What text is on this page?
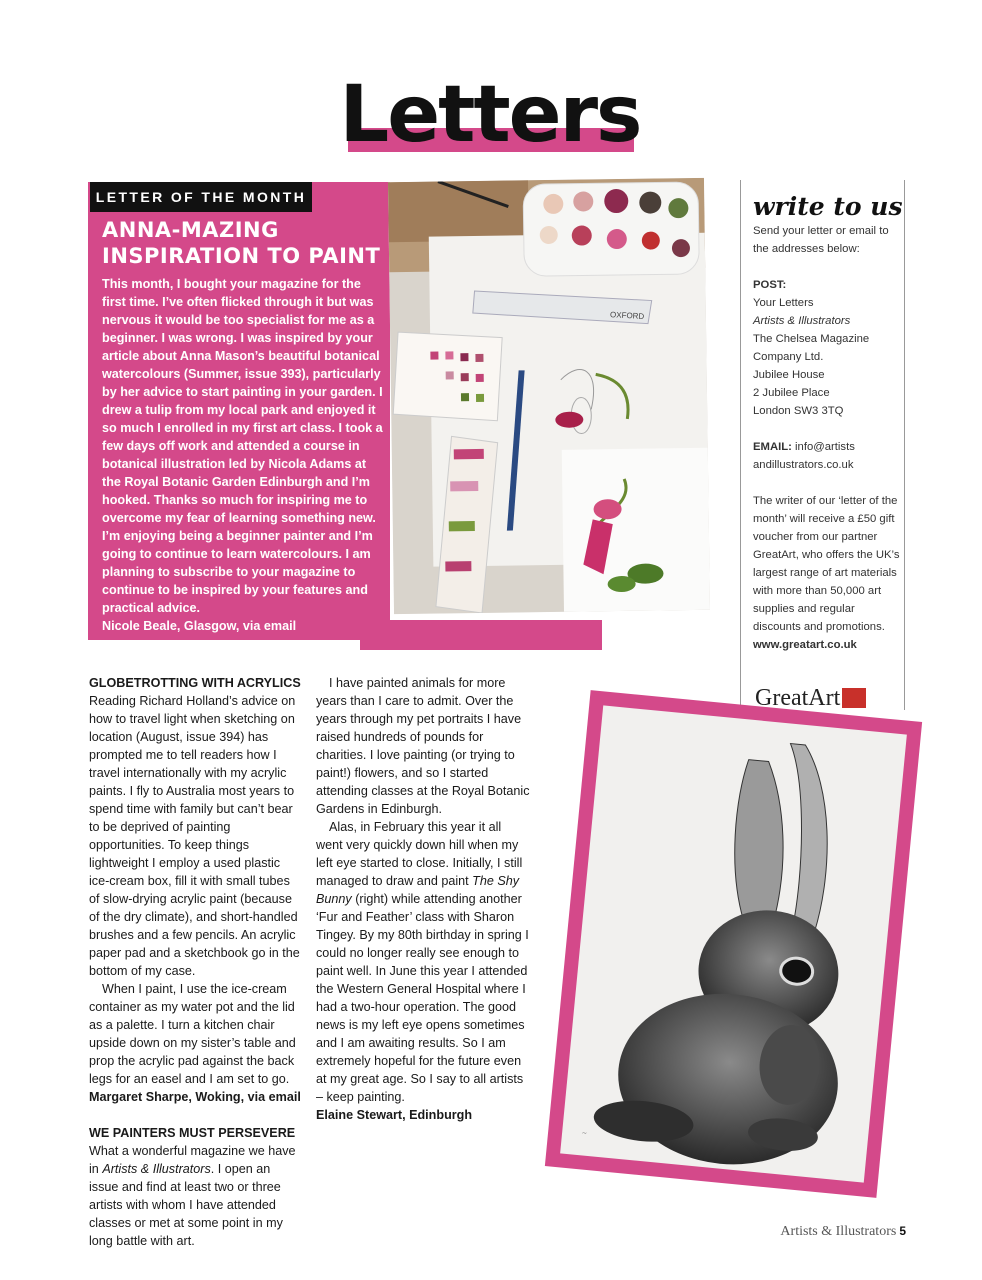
Letters
LETTER OF THE MONTH
ANNA-MAZING
INSPIRATION TO PAINT
This month, I bought your magazine for the first time. I’ve often flicked through it but was nervous it would be too specialist for me as a beginner. I was wrong. I was inspired by your article about Anna Mason’s beautiful botanical watercolours (Summer, issue 393), particularly by her advice to start painting in your garden. I drew a tulip from my local park and enjoyed it so much I enrolled in my first art class. I took a few days off work and attended a course in botanical illustration led by Nicola Adams at the Royal Botanic Garden Edinburgh and I’m hooked. Thanks so much for inspiring me to overcome my fear of learning something new. I’m enjoying being a beginner painter and I’m going to continue to learn watercolours. I am planning to subscribe to your magazine to continue to be inspired by your features and practical advice.
Nicole Beale, Glasgow, via email
OXFORD
write to us

Send your letter or email to the addresses below:

POST:

Your Letters

Artists & Illustrators

The Chelsea Magazine

Company Ltd.

Jubilee House

2 Jubilee Place

London SW3 3TQ

EMAIL: info@artists

andillustrators.co.uk

The writer of our ‘letter of the month’ will receive a £50 gift voucher from our partner GreatArt, who offers the UK’s largest range of art materials with more than 50,000 art supplies and regular discounts and promotions.

www.greatart.co.uk

GreatArt
GLOBETROTTING WITH ACRYLICS

Reading Richard Holland’s advice on how to travel light when sketching on location (August, issue 394) has prompted me to tell readers how I travel internationally with my acrylic paints. I fly to Australia most years to spend time with family but can’t bear to be deprived of painting opportunities. To keep things lightweight I employ a used plastic ice-cream box, fill it with small tubes of slow-drying acrylic paint (because of the dry climate), and short-handled brushes and a few pencils. An acrylic paper pad and a sketchbook go in the bottom of my case.

When I paint, I use the ice-cream container as my water pot and the lid as a palette. I turn a kitchen chair upside down on my sister’s table and prop the acrylic pad against the back legs for an easel and I am set to go.

Margaret Sharpe, Woking, via email

WE PAINTERS MUST PERSEVERE

What a wonderful magazine we have in Artists & Illustrators. I open an issue and find at least two or three artists with whom I have attended classes or met at some point in my long battle with art.

I have painted animals for more years than I care to admit. Over the years through my pet portraits I have raised hundreds of pounds for charities. I love painting (or trying to paint!) flowers, and so I started attending classes at the Royal Botanic Gardens in Edinburgh.

Alas, in February this year it all went very quickly down hill when my left eye started to close. Initially, I still managed to draw and paint The Shy Bunny (right) while attending another ‘Fur and Feather’ class with Sharon Tingey. By my 80th birthday in spring I could no longer really see enough to paint well. In June this year I attended the Western General Hospital where I had a two-hour operation. The good news is my left eye opens sometimes and I am awaiting results. So I am extremely hopeful for the future even at my great age. So I say to all artists – keep painting.

Elaine Stewart, Edinburgh

~
Artists & Illustrators 5
